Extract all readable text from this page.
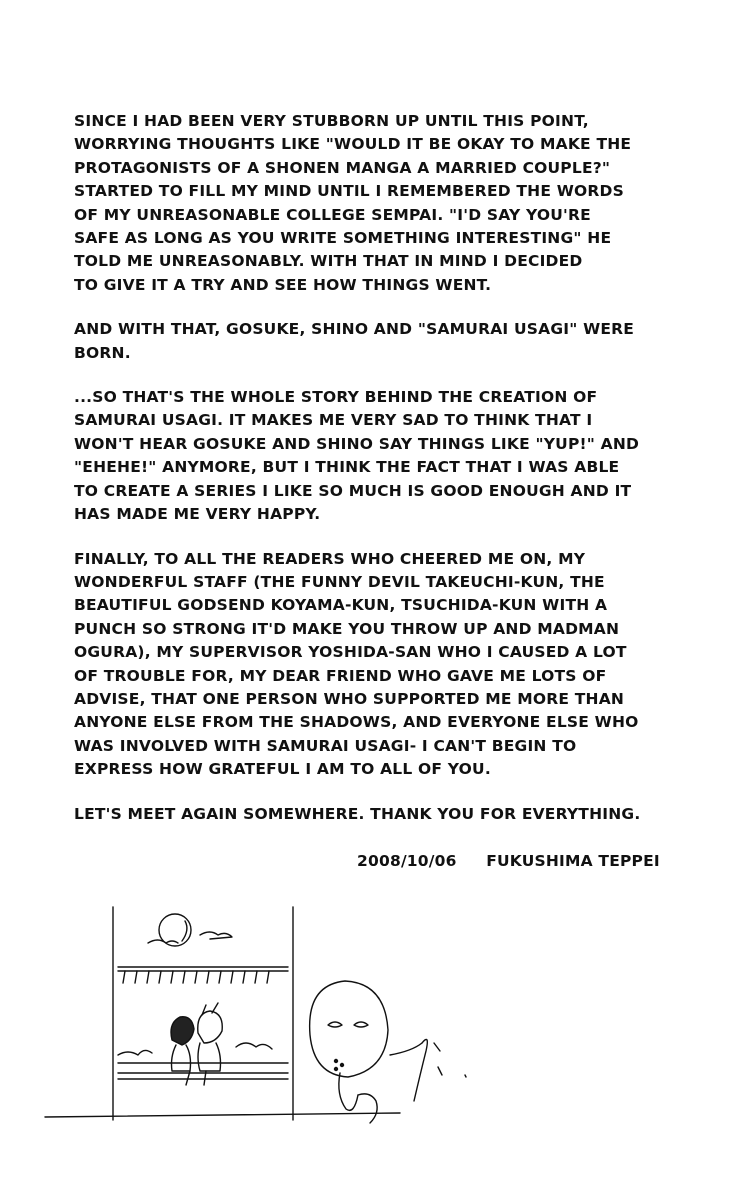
SINCE I HAD BEEN VERY STUBBORN UP UNTIL THIS POINT,
WORRYING THOUGHTS LIKE "WOULD IT BE OKAY TO MAKE THE
PROTAGONISTS OF A SHONEN MANGA A MARRIED COUPLE?"
STARTED TO FILL MY MIND UNTIL I REMEMBERED THE WORDS
OF MY UNREASONABLE COLLEGE SEMPAI. "I'D SAY YOU'RE
SAFE AS LONG AS YOU WRITE SOMETHING INTERESTING" HE
TOLD ME UNREASONABLY. WITH THAT IN MIND I DECIDED
TO GIVE IT A TRY AND SEE HOW THINGS WENT.
AND WITH THAT, GOSUKE, SHINO AND "SAMURAI USAGI" WERE
BORN.
...SO THAT'S THE WHOLE STORY BEHIND THE CREATION OF
SAMURAI USAGI. IT MAKES ME VERY SAD TO THINK THAT I
WON'T HEAR GOSUKE AND SHINO SAY THINGS LIKE "YUP!" AND
"EHEHE!" ANYMORE, BUT I THINK THE FACT THAT I WAS ABLE
TO CREATE A SERIES I LIKE SO MUCH IS GOOD ENOUGH AND IT
HAS MADE ME VERY HAPPY.
FINALLY, TO ALL THE READERS WHO CHEERED ME ON, MY
WONDERFUL STAFF (THE FUNNY DEVIL TAKEUCHI-KUN, THE
BEAUTIFUL GODSEND KOYAMA-KUN, TSUCHIDA-KUN WITH A
PUNCH SO STRONG IT'D MAKE YOU THROW UP AND MADMAN
OGURA), MY SUPERVISOR YOSHIDA-SAN WHO I CAUSED A LOT
OF TROUBLE FOR, MY DEAR FRIEND WHO GAVE ME LOTS OF
ADVISE, THAT ONE PERSON WHO SUPPORTED ME MORE THAN
ANYONE ELSE FROM THE SHADOWS, AND EVERYONE ELSE WHO
WAS INVOLVED WITH SAMURAI USAGI- I CAN'T BEGIN TO
EXPRESS HOW GRATEFUL I AM TO ALL OF YOU.
LET'S MEET AGAIN SOMEWHERE. THANK YOU FOR EVERYTHING.
2008/10/06 FUKUSHIMA TEPPEI
